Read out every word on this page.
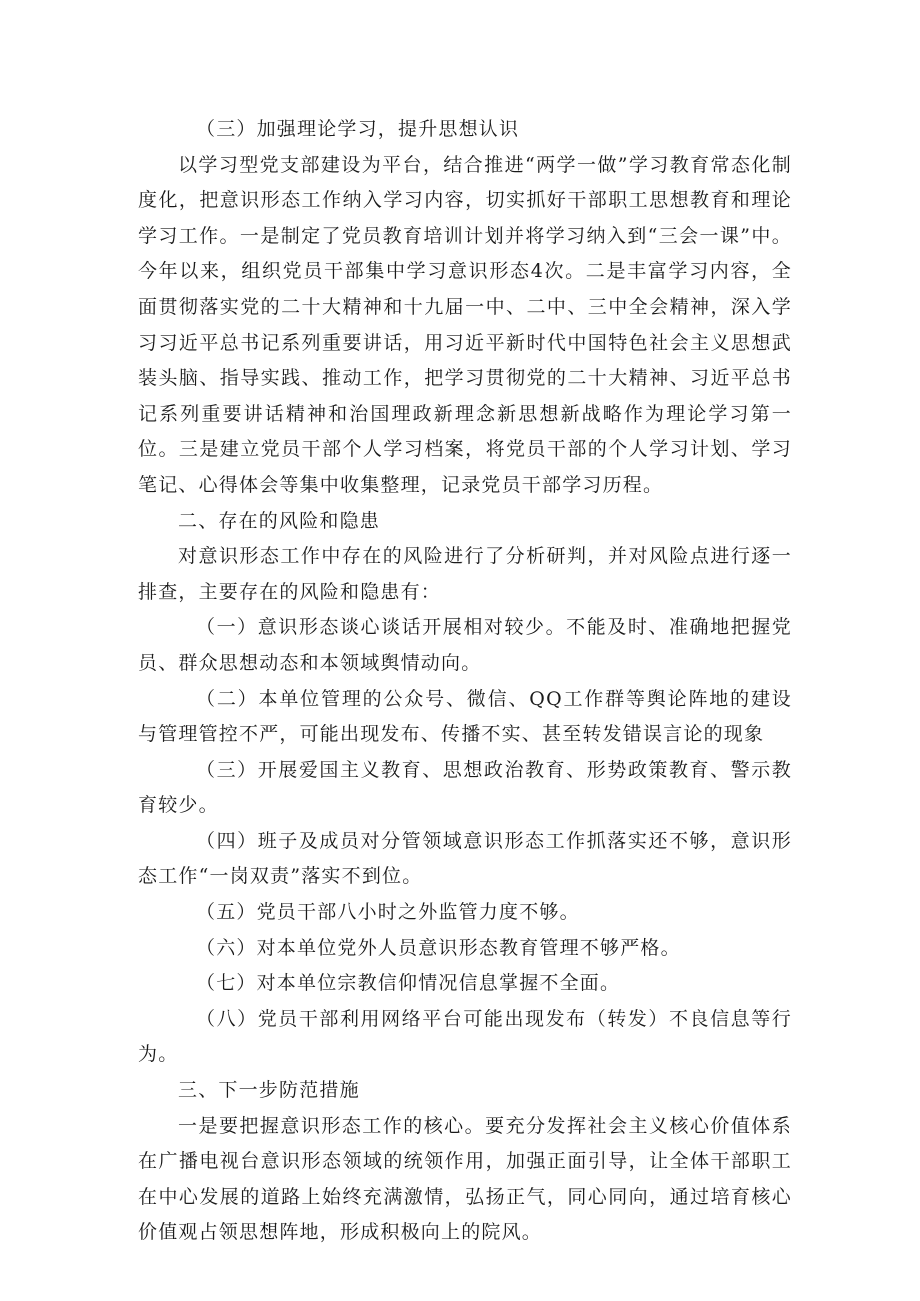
（三）加强理论学习，提升思想认识

以学习型党支部建设为平台，结合推进“两学一做”学习教育常态化制度化，把意识形态工作纳入学习内容，切实抓好干部职工思想教育和理论学习工作。一是制定了党员教育培训计划并将学习纳入到“三会一课”中。今年以来，组织党员干部集中学习意识形态4次。二是丰富学习内容，全面贯彻落实党的二十大精神和十九届一中、二中、三中全会精神，深入学习习近平总书记系列重要讲话，用习近平新时代中国特色社会主义思想武装头脑、指导实践、推动工作，把学习贯彻党的二十大精神、习近平总书记系列重要讲话精神和治国理政新理念新思想新战略作为理论学习第一位。三是建立党员干部个人学习档案，将党员干部的个人学习计划、学习笔记、心得体会等集中收集整理，记录党员干部学习历程。

二、存在的风险和隐患

对意识形态工作中存在的风险进行了分析研判，并对风险点进行逐一排查，主要存在的风险和隐患有：

（一）意识形态谈心谈话开展相对较少。不能及时、准确地把握党员、群众思想动态和本领域舆情动向。

（二）本单位管理的公众号、微信、QQ工作群等舆论阵地的建设与管理管控不严，可能出现发布、传播不实、甚至转发错误言论的现象

（三）开展爱国主义教育、思想政治教育、形势政策教育、警示教育较少。

（四）班子及成员对分管领域意识形态工作抓落实还不够，意识形态工作“一岗双责”落实不到位。

（五）党员干部八小时之外监管力度不够。

（六）对本单位党外人员意识形态教育管理不够严格。

（七）对本单位宗教信仰情况信息掌握不全面。

（八）党员干部利用网络平台可能出现发布（转发）不良信息等行为。

三、下一步防范措施

一是要把握意识形态工作的核心。要充分发挥社会主义核心价值体系在广播电视台意识形态领域的统领作用，加强正面引导，让全体干部职工在中心发展的道路上始终充满激情，弘扬正气，同心同向，通过培育核心价值观占领思想阵地，形成积极向上的院风。
